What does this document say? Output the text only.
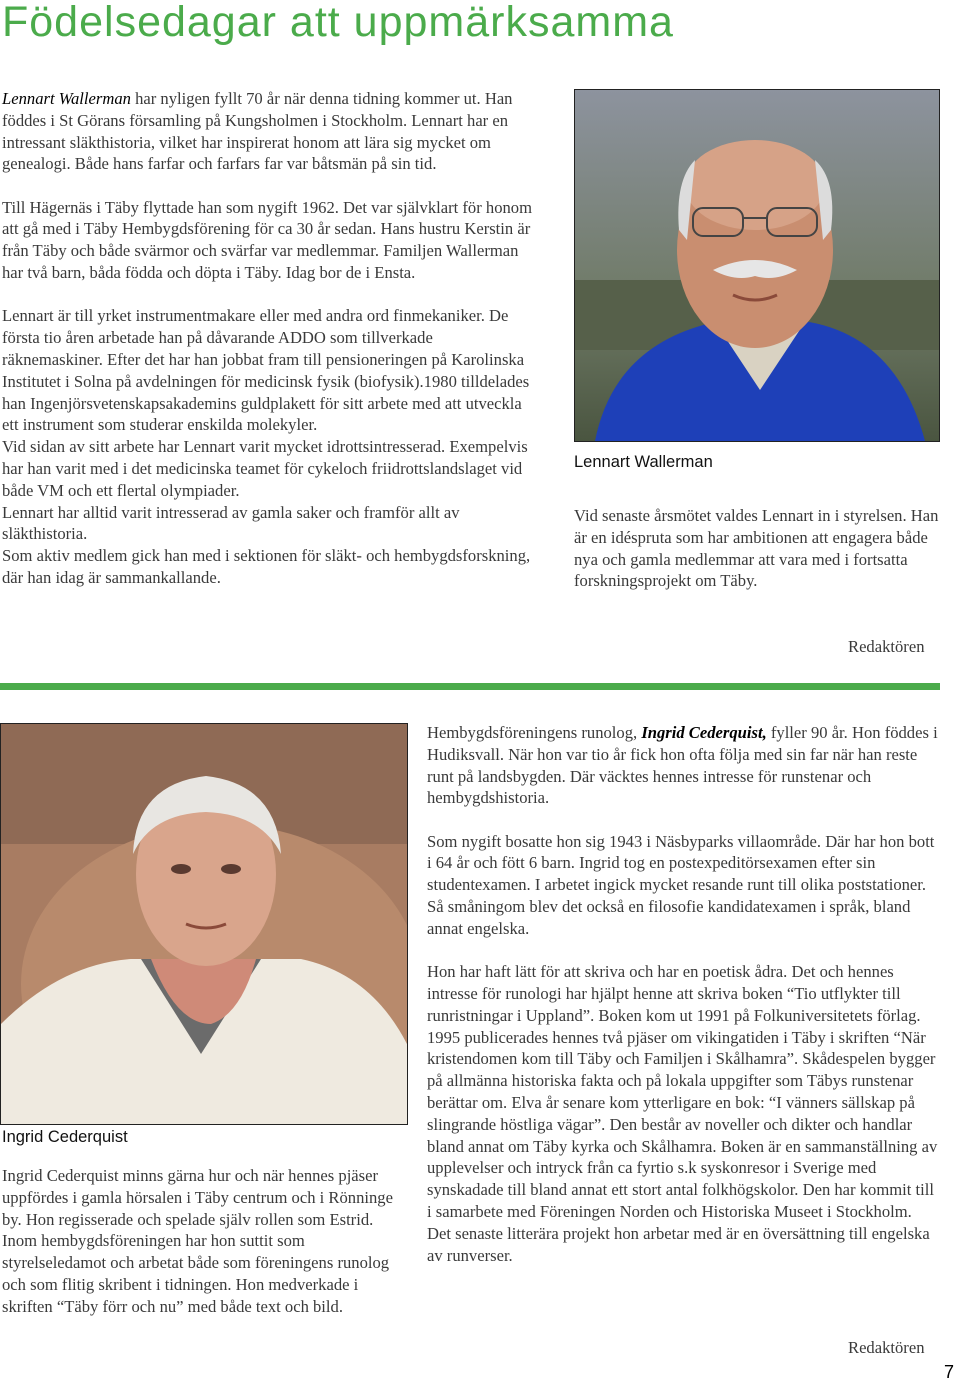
Födelsedagar att uppmärksamma

Lennart Wallerman har nyligen fyllt 70 år när denna tidning kommer ut. Han föddes i St Görans församling på Kungsholmen i Stockholm. Lennart har en intressant släkthistoria, vilket har inspirerat honom att lära sig mycket om genealogi. Både hans farfar och farfars far var båtsmän på sin tid.

Till Hägernäs i Täby flyttade han som nygift 1962. Det var självklart för honom att gå med i Täby Hembygdsförening för ca 30 år sedan. Hans hustru Kerstin är från Täby och både svärmor och svärfar var medlemmar. Familjen Wallerman har två barn, båda födda och döpta i Täby. Idag bor de i Ensta.

Lennart är till yrket instrumentmakare eller med andra ord finmekaniker. De första tio åren arbetade han på dåvarande ADDO som tillverkade räknemaskiner. Efter det har han jobbat fram till pensioneringen på Karolinska Institutet i Solna på avdelningen för medicinsk fysik (biofysik).1980 tilldelades han Ingenjörsvetenskapsakademins guldplakett för sitt arbete med att utveckla ett instrument som studerar enskilda molekyler.

Vid sidan av sitt arbete har Lennart varit mycket idrottsintresserad. Exempelvis har han varit med i det medicinska teamet för cykeloch friidrottslandslaget vid både VM och ett flertal olympiader.

Lennart har alltid varit intresserad av gamla saker och framför allt av släkthistoria.

Som aktiv medlem gick han med i sektionen för släkt- och hembygdsforskning, där han idag är sammankallande.

Lennart Wallerman

Vid senaste årsmötet valdes Lennart in i styrelsen. Han är en idéspruta som har ambitionen att engagera både nya och gamla medlemmar att vara med i fortsatta forskningsprojekt om Täby.

Redaktören
Ingrid Cederquist

Ingrid Cederquist minns gärna hur och när hennes pjäser uppfördes i gamla hörsalen i Täby centrum och i Rönninge by. Hon regisserade och spelade själv rollen som Estrid. Inom hembygdsföreningen har hon suttit som styrelseledamot och arbetat både som föreningens runolog och som flitig skribent i tidningen. Hon medverkade i skriften “Täby förr och nu” med både text och bild.

Hembygdsföreningens runolog, Ingrid Cederquist, fyller 90 år. Hon föddes i Hudiksvall. När hon var tio år fick hon ofta följa med sin far när han reste runt på landsbygden. Där väcktes hennes intresse för runstenar och hembygdshistoria.

Som nygift bosatte hon sig 1943 i Näsbyparks villaområde. Där har hon bott i 64 år och fött 6 barn. Ingrid tog en postexpeditörsexamen efter sin studentexamen. I arbetet ingick mycket resande runt till olika poststationer. Så småningom blev det också en filosofie kandidatexamen i språk, bland annat engelska.

Hon har haft lätt för att skriva och har en poetisk ådra. Det och hennes intresse för runologi har hjälpt henne att skriva boken “Tio utflykter till runristningar i Uppland”. Boken kom ut 1991 på Folkuniversitetets förlag. 1995 publicerades hennes två pjäser om vikingatiden i Täby i skriften “När kristendomen kom till Täby och Familjen i Skålhamra”. Skådespelen bygger på allmänna historiska fakta och på lokala uppgifter som Täbys runstenar berättar om. Elva år senare kom ytterligare en bok: “I vänners sällskap på slingrande höstliga vägar”. Den består av noveller och dikter och handlar bland annat om Täby kyrka och Skålhamra. Boken är en sammanställning av upplevelser och intryck från ca fyrtio s.k syskonresor i Sverige med synskadade till bland annat ett stort antal folkhögskolor. Den har kommit till i samarbete med Föreningen Norden och Historiska Museet i Stockholm. Det senaste litterära projekt hon arbetar med är en översättning till engelska av runverser.

Redaktören
7
